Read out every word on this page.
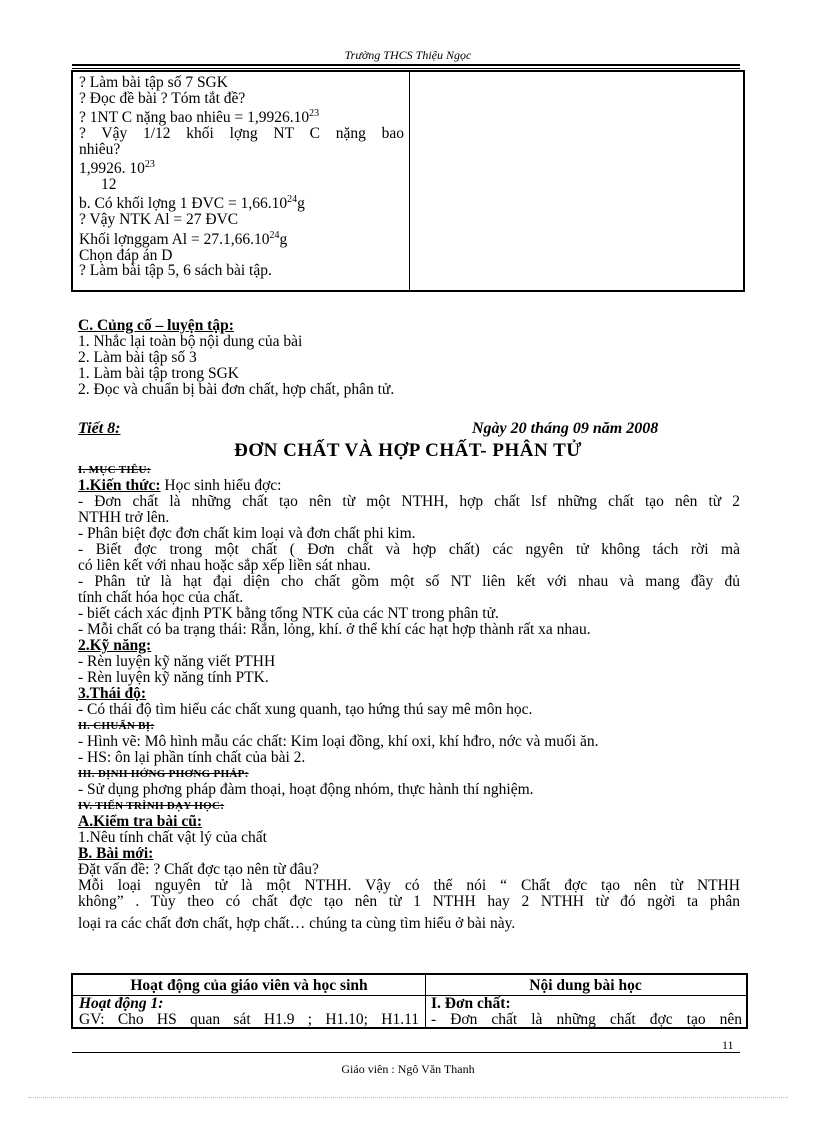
Trường THCS Thiệu Ngọc
? Làm bài tập số 7 SGK
? Đọc đề bài ? Tóm tắt đề?
? 1NT C nặng bao nhiêu = $1,9926.10^{23}$
? Vậy 1/12 khối lợng NT C nặng bao
nhiêu?
1,9926. $10^{23}$
12
b. Có khối lợng 1 ĐVC = $1,66.10^{24}g$
? Vậy NTK Al = 27 ĐVC
Khối lợnggam $Al = 27.1,66.10^{24}g$
Chọn đáp án D
? Làm bài tập 5, 6 sách bài tập.
C. Củng cố – luyện tập:
1. Nhắc lại toàn bộ nội dung của bài
2. Làm bài tập số 3
1. Làm bài tập trong SGK
2. Đọc và chuẩn bị bài đơn chất, hợp chất, phân tử.
Tiết 8:	Ngày 20 tháng 09 năm 2008
ĐƠN CHẤT VÀ HỢP CHẤT- PHÂN TỬ
I. MỤC TIÊU:
1.Kiến thức: Học sinh hiểu đợc:
- Đơn chất là những chất tạo nên từ một NTHH, hợp chất lsf những chất tạo nên từ 2
NTHH trở lên.
- Phân biệt đợc đơn chất kim loại và đơn chất phi kim.
- Biết đợc trong một chất ( Đơn chất và hợp chất) các ngyên tử không tách rời mà
có liên kết với nhau hoặc sắp xếp liền sát nhau.
- Phân tử là hạt đại diện cho chất gồm một số NT liên kết với nhau và mang đầy đủ
tính chất hóa học của chất.
- biết cách xác định PTK bằng tổng NTK của các NT trong phân tử.
- Mỗi chất có ba trạng thái: Rắn, lỏng, khí. ở thể khí các hạt hợp thành rất xa nhau.
2.Kỹ năng:
- Rèn luyện kỹ năng viết PTHH
- Rèn luyện kỹ năng tính PTK.
3.Thái độ:
- Có thái độ tìm hiểu các chất xung quanh, tạo hứng thú say mê môn học.
II. CHUẨN BỊ:
- Hình vẽ: Mô hình mẫu các chất: Kim loại đồng, khí oxi, khí hđro, nớc và muối ăn.
- HS: ôn lại phần tính chất của bài 2.
III. ĐỊNH HỚNG PHƠNG PHÁP:
- Sử dụng phơng pháp đàm thoại, hoạt động nhóm, thực hành thí nghiệm.
IV. TIẾN TRÌNH DẠY HỌC:
A.Kiểm tra bài cũ:
1.Nêu tính chất vật lý của chất
B. Bài mới:
Đặt vấn đề: ? Chất đợc tạo nên từ đâu?
Mỗi loại nguyên tử là một NTHH. Vậy có thể nói “ Chất đợc tạo nên từ NTHH
không” . Tùy theo có chất đợc tạo nên từ 1 NTHH hay 2 NTHH từ đó ngời ta phân
loại ra các chất đơn chất, hợp chất… chúng ta cùng tìm hiểu ở bài này.
Hoạt động của giáo viên và học sinh	Nội dung bài học
Hoạt động 1:
GV: Cho HS quan sát H1.9 ; H1.10; H1.11
I. Đơn chất:
- Đơn chất là những chất đợc tạo nên
11
Giáo viên : Ngô Văn Thanh
